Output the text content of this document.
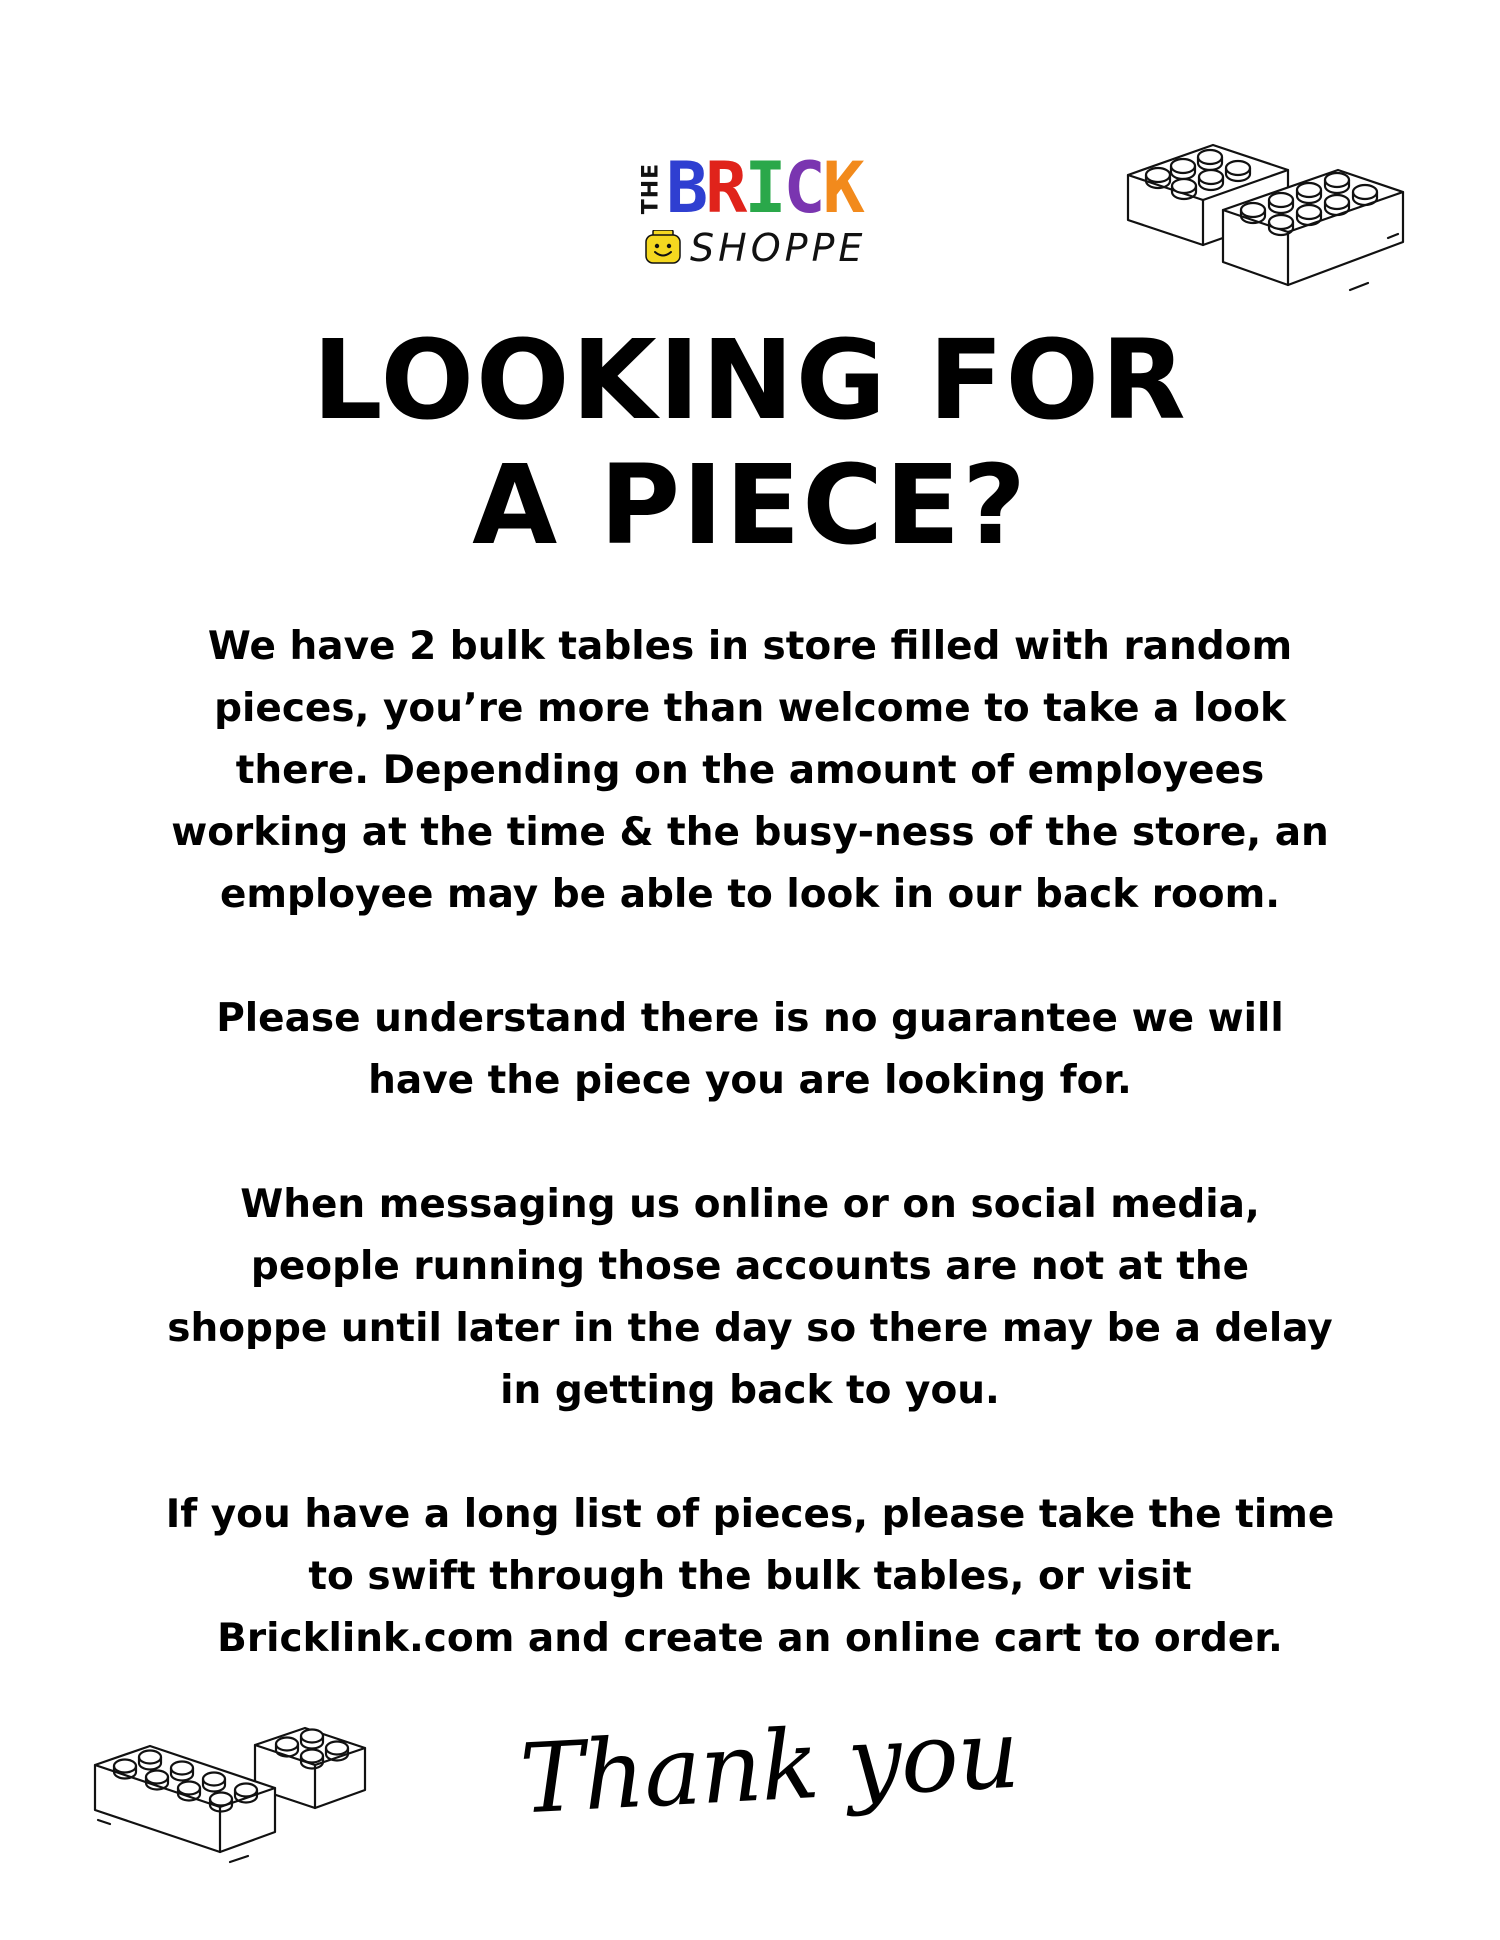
THE BRICK
SHOPPE
LOOKING FOR
A PIECE?

We have 2 bulk tables in store filled with random
pieces, you’re more than welcome to take a look
there. Depending on the amount of employees
working at the time & the busy-ness of the store, an
employee may be able to look in our back room.

Please understand there is no guarantee we will
have the piece you are looking for.

When messaging us online or on social media,
people running those accounts are not at the
shoppe until later in the day so there may be a delay
in getting back to you.

If you have a long list of pieces, please take the time
to swift through the bulk tables, or visit
Bricklink.com and create an online cart to order.

Thank you
